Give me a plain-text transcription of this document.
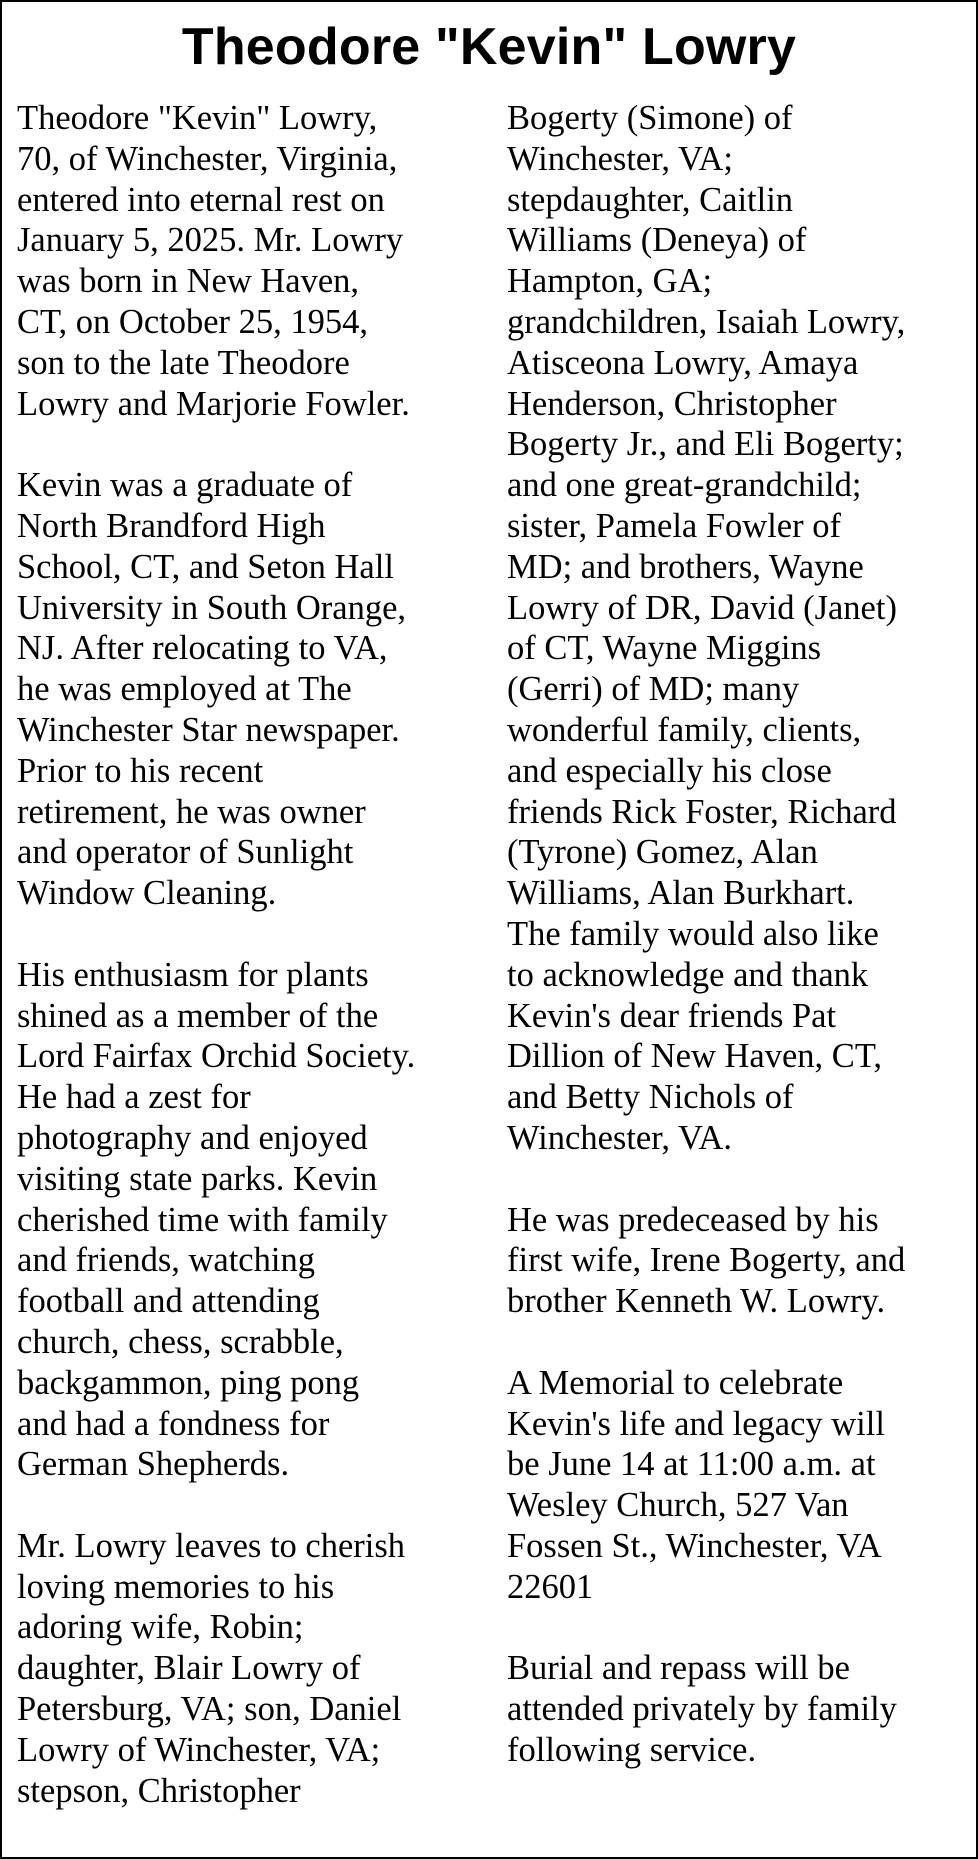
Theodore "Kevin" Lowry

Theodore "Kevin" Lowry,
70, of Winchester, Virginia,
entered into eternal rest on
January 5, 2025. Mr. Lowry
was born in New Haven,
CT, on October 25, 1954,
son to the late Theodore
Lowry and Marjorie Fowler.

Kevin was a graduate of
North Brandford High
School, CT, and Seton Hall
University in South Orange,
NJ. After relocating to VA,
he was employed at The
Winchester Star newspaper.
Prior to his recent
retirement, he was owner
and operator of Sunlight
Window Cleaning.

His enthusiasm for plants
shined as a member of the
Lord Fairfax Orchid Society.
He had a zest for
photography and enjoyed
visiting state parks. Kevin
cherished time with family
and friends, watching
football and attending
church, chess, scrabble,
backgammon, ping pong
and had a fondness for
German Shepherds.

Mr. Lowry leaves to cherish
loving memories to his
adoring wife, Robin;
daughter, Blair Lowry of
Petersburg, VA; son, Daniel
Lowry of Winchester, VA;
stepson, Christopher

Bogerty (Simone) of
Winchester, VA;
stepdaughter, Caitlin
Williams (Deneya) of
Hampton, GA;
grandchildren, Isaiah Lowry,
Atisceona Lowry, Amaya
Henderson, Christopher
Bogerty Jr., and Eli Bogerty;
and one great-grandchild;
sister, Pamela Fowler of
MD; and brothers, Wayne
Lowry of DR, David (Janet)
of CT, Wayne Miggins
(Gerri) of MD; many
wonderful family, clients,
and especially his close
friends Rick Foster, Richard
(Tyrone) Gomez, Alan
Williams, Alan Burkhart.
The family would also like
to acknowledge and thank
Kevin's dear friends Pat
Dillion of New Haven, CT,
and Betty Nichols of
Winchester, VA.

He was predeceased by his
first wife, Irene Bogerty, and
brother Kenneth W. Lowry.

A Memorial to celebrate
Kevin's life and legacy will
be June 14 at 11:00 a.m. at
Wesley Church, 527 Van
Fossen St., Winchester, VA
22601

Burial and repass will be
attended privately by family
following service.
